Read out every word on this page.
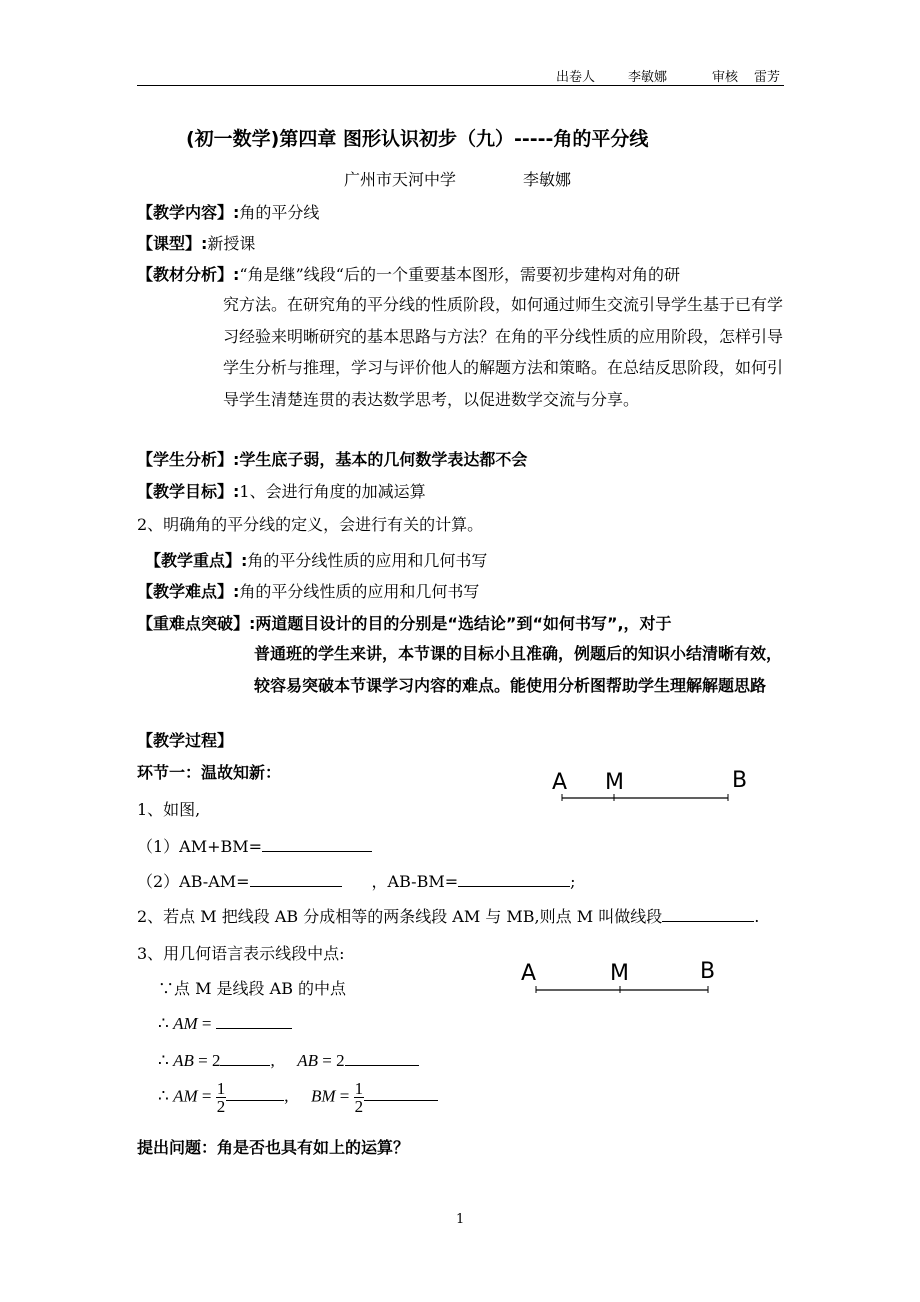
出卷人	李敏娜	审核 雷芳
(初一数学)第四章 图形认识初步（九）-----角的平分线
广州市天河中学	李敏娜
【教学内容】:角的平分线
【课型】:新授课
【教材分析】:“角是继”线段“后的一个重要基本图形，需要初步建构对角的研
究方法。在研究角的平分线的性质阶段，如何通过师生交流引导学生基于已有学习经验来明晰研究的基本思路与方法？在角的平分线性质的应用阶段，怎样引导学生分析与推理，学习与评价他人的解题方法和策略。在总结反思阶段，如何引导学生清楚连贯的表达数学思考，以促进数学交流与分享。
【学生分析】:学生底子弱，基本的几何数学表达都不会
【教学目标】:1、会进行角度的加减运算
2、明确角的平分线的定义，会进行有关的计算。
【教学重点】:角的平分线性质的应用和几何书写
【教学难点】:角的平分线性质的应用和几何书写
【重难点突破】:两道题目设计的目的分别是“选结论”到“如何书写”,，对于
普通班的学生来讲，本节课的目标小且准确，例题后的知识小结清晰有效，较容易突破本节课学习内容的难点。能使用分析图帮助学生理解解题思路
【教学过程】
环节一：温故知新：	A M	B
1、如图,
（1）AM+BM=
（2）AB-AM=	，AB-BM=	;
2、若点 M 把线段 AB 分成相等的两条线段 AM 与 MB,则点 M 叫做线段	.
3、用几何语言表示线段中点:
A	M	B
∵点 M 是线段 AB 的中点
∴ AM =
∴ AB = 2	, AB = 2
∴ AM = $\frac{1}{2}$	, BM = $\frac{1}{2}$
提出问题：角是否也具有如上的运算？
1
